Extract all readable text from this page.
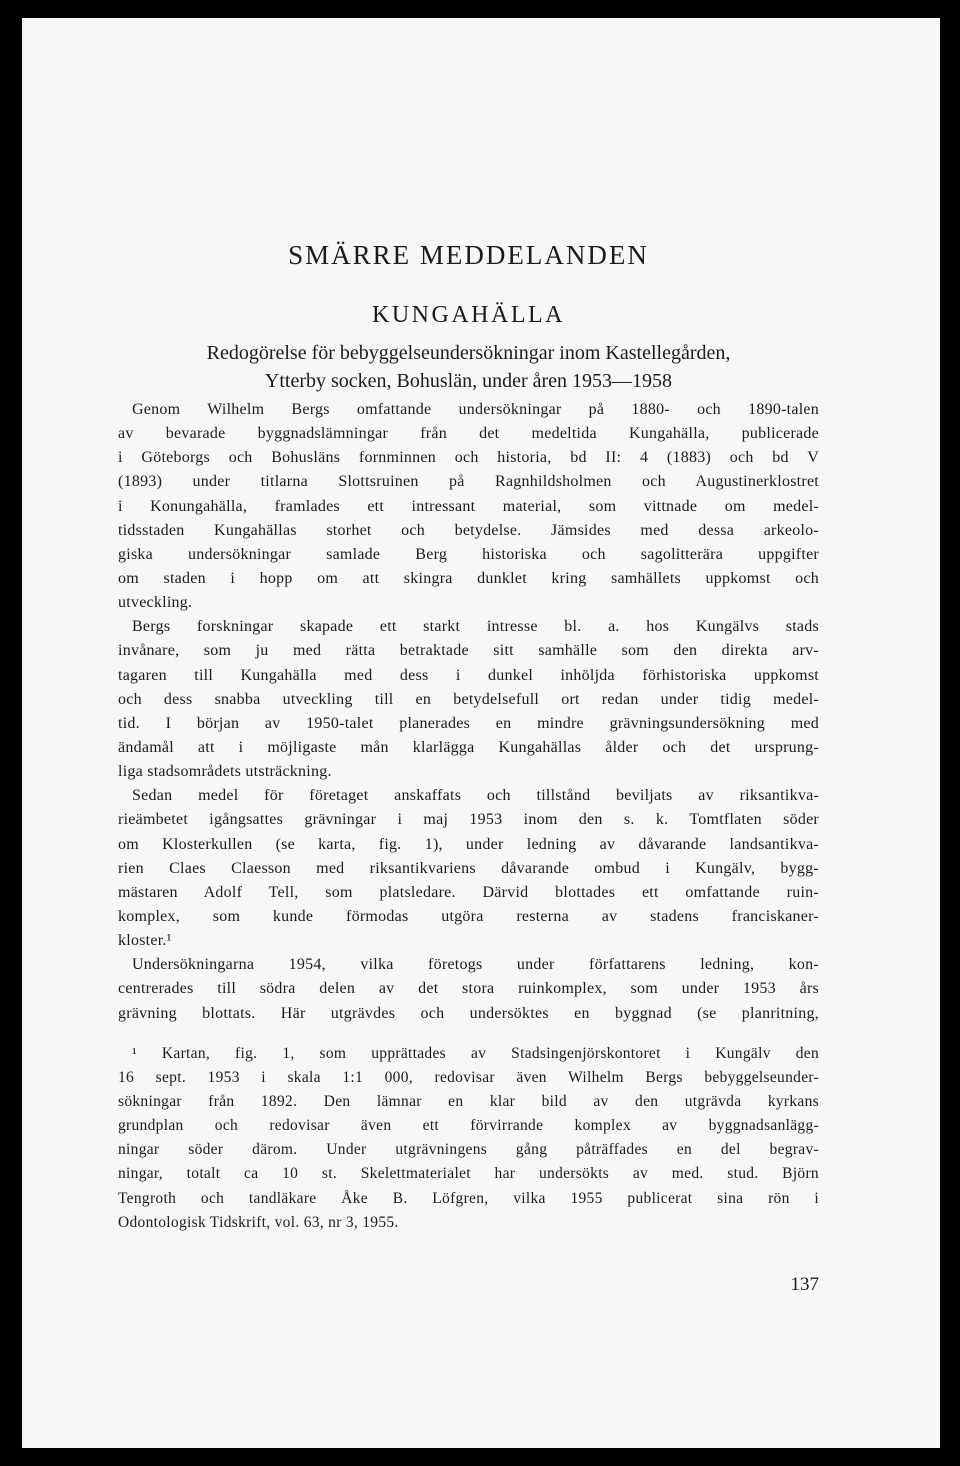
SMÄRRE MEDDELANDEN
KUNGAHÄLLA
Redogörelse för bebyggelseundersökningar inom Kastellegården,
Ytterby socken, Bohuslän, under åren 1953—1958
Genom Wilhelm Bergs omfattande undersökningar på 1880- och 1890-talen
av bevarade byggnadslämningar från det medeltida Kungahälla, publicerade
i Göteborgs och Bohusläns fornminnen och historia, bd II: 4 (1883) och bd V
(1893) under titlarna Slottsruinen på Ragnhildsholmen och Augustinerklostret
i Konungahälla, framlades ett intressant material, som vittnade om medel-
tidsstaden Kungahällas storhet och betydelse. Jämsides med dessa arkeolo-
giska undersökningar samlade Berg historiska och sagolitterära uppgifter
om staden i hopp om att skingra dunklet kring samhällets uppkomst och
utveckling.
Bergs forskningar skapade ett starkt intresse bl. a. hos Kungälvs stads
invånare, som ju med rätta betraktade sitt samhälle som den direkta arv-
tagaren till Kungahälla med dess i dunkel inhöljda förhistoriska uppkomst
och dess snabba utveckling till en betydelsefull ort redan under tidig medel-
tid. I början av 1950-talet planerades en mindre grävningsundersökning med
ändamål att i möjligaste mån klarlägga Kungahällas ålder och det ursprung-
liga stadsområdets utsträckning.
Sedan medel för företaget anskaffats och tillstånd beviljats av riksantikva-
rieämbetet igångsattes grävningar i maj 1953 inom den s. k. Tomtflaten söder
om Klosterkullen (se karta, fig. 1), under ledning av dåvarande landsantikva-
rien Claes Claesson med riksantikvariens dåvarande ombud i Kungälv, bygg-
mästaren Adolf Tell, som platsledare. Därvid blottades ett omfattande ruin-
komplex, som kunde förmodas utgöra resterna av stadens franciskaner-
kloster.¹
Undersökningarna 1954, vilka företogs under författarens ledning, kon-
centrerades till södra delen av det stora ruinkomplex, som under 1953 års
grävning blottats. Här utgrävdes och undersöktes en byggnad (se planritning,
¹ Kartan, fig. 1, som upprättades av Stadsingenjörskontoret i Kungälv den
16 sept. 1953 i skala 1:1 000, redovisar även Wilhelm Bergs bebyggelseunder-
sökningar från 1892. Den lämnar en klar bild av den utgrävda kyrkans
grundplan och redovisar även ett förvirrande komplex av byggnadsanlägg-
ningar söder därom. Under utgrävningens gång påträffades en del begrav-
ningar, totalt ca 10 st. Skelettmaterialet har undersökts av med. stud. Björn
Tengroth och tandläkare Åke B. Löfgren, vilka 1955 publicerat sina rön i
Odontologisk Tidskrift, vol. 63, nr 3, 1955.
137
